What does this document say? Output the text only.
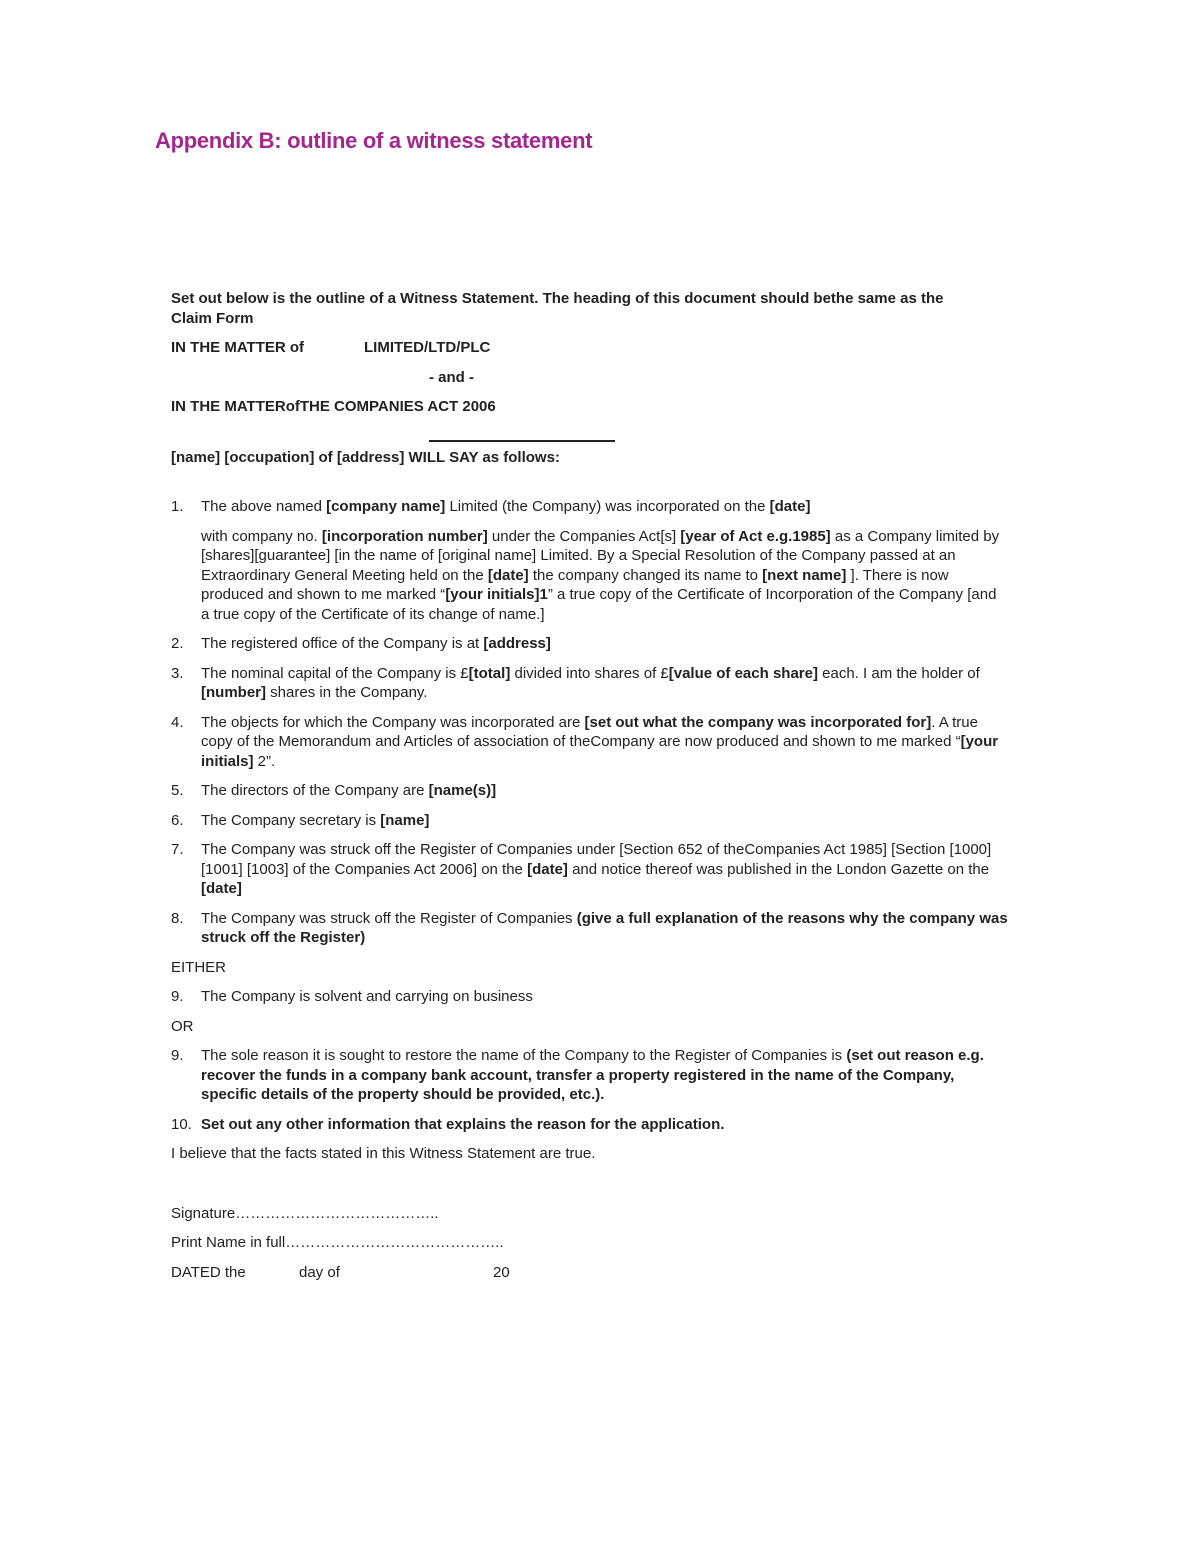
Appendix B: outline of a witness statement

Set out below is the outline of a Witness Statement. The heading of this document should bethe same as the Claim Form

IN THE MATTER of	LIMITED/LTD/PLC
- and -
IN THE MATTERofTHE COMPANIES ACT 2006
[name] [occupation] of [address] WILL SAY as follows:
1.	The above named [company name] Limited (the Company) was incorporated on the [date]
with company no. [incorporation number] under the Companies Act[s] [year of Act e.g.1985] as a Company limited by [shares][guarantee] [in the name of [original name] Limited. By a Special Resolution of the Company passed at an Extraordinary General Meeting held on the [date] the company changed its name to [next name] ]. There is now produced and shown to me marked “[your initials]1” a true copy of the Certificate of Incorporation of the Company [and a true copy of the Certificate of its change of name.]
2.	The registered office of the Company is at [address]
3.	The nominal capital of the Company is £[total] divided into shares of £[value of each share] each. I am the holder of [number] shares in the Company.
4.	The objects for which the Company was incorporated are [set out what the company was incorporated for]. A true copy of the Memorandum and Articles of association of theCompany are now produced and shown to me marked “[your initials] 2”.
5.	The directors of the Company are [name(s)]
6.	The Company secretary is [name]
7.	The Company was struck off the Register of Companies under [Section 652 of theCompanies Act 1985] [Section [1000] [1001] [1003] of the Companies Act 2006] on the [date] and notice thereof was published in the London Gazette on the [date]
8.	The Company was struck off the Register of Companies (give a full explanation of the reasons why the company was struck off the Register)
EITHER
9.	The Company is solvent and carrying on business
OR
9.	The sole reason it is sought to restore the name of the Company to the Register of Companies is (set out reason e.g. recover the funds in a company bank account, transfer a property registered in the name of the Company, specific details of the property should be provided, etc.).
10. Set out any other information that explains the reason for the application.
I believe that the facts stated in this Witness Statement are true.
Signature…………………………………..
Print Name in full……………………………………..
DATED the	day of	20
